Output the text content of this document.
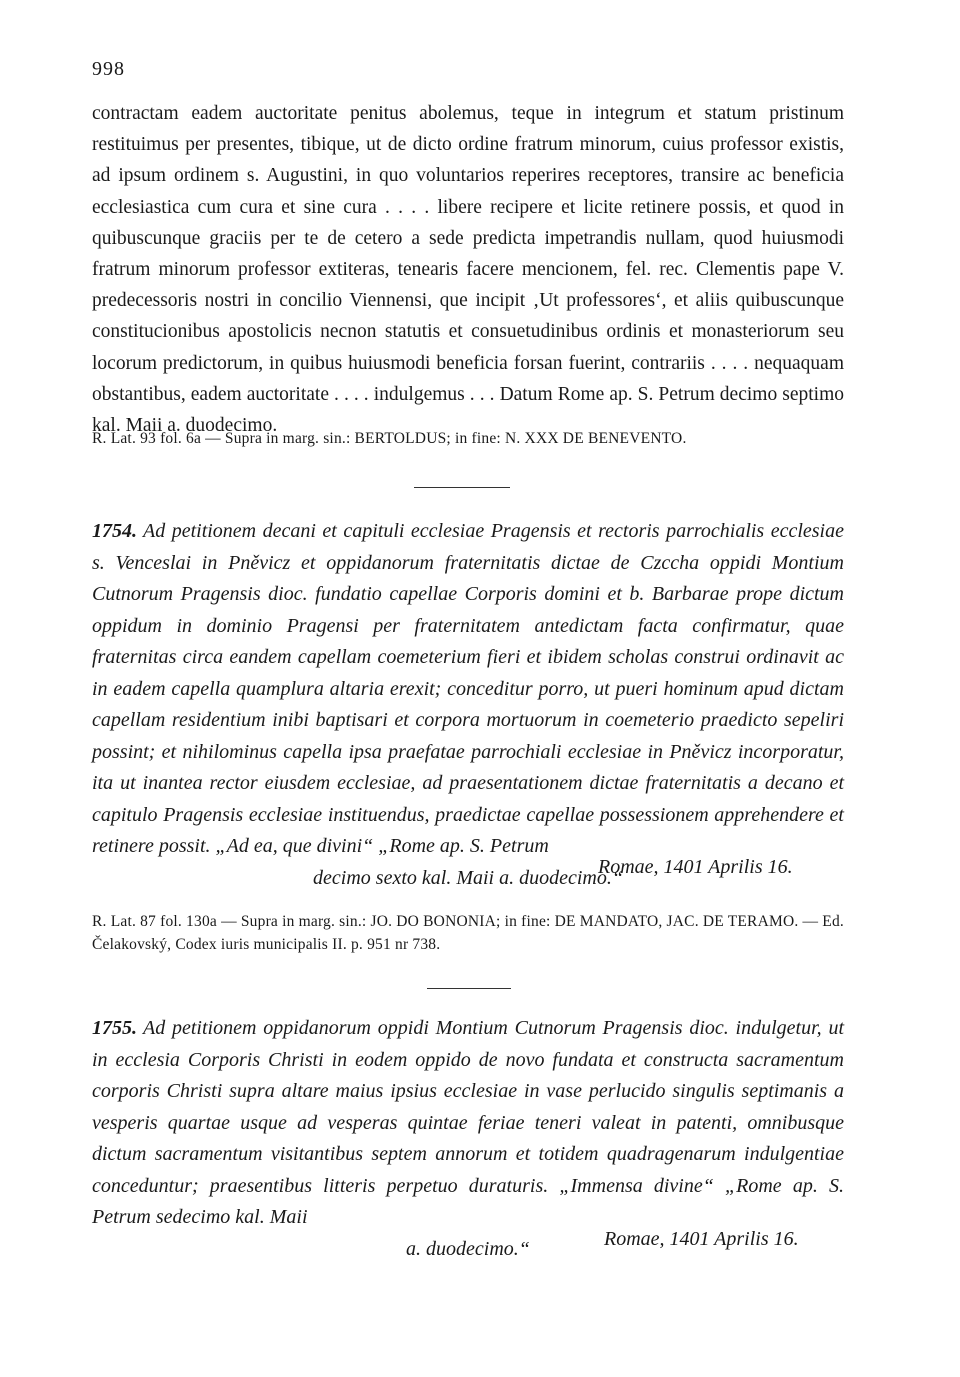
998

contractam eadem auctoritate penitus abolemus, teque in integrum et statum pristinum restituimus per presentes, tibique, ut de dicto ordine fratrum minorum, cuius professor existis, ad ipsum ordinem s. Augustini, in quo voluntarios reperires receptores, transire ac beneficia ecclesiastica cum cura et sine cura . . . . libere recipere et licite retinere possis, et quod in quibuscunque graciis per te de cetero a sede predicta impetrandis nullam, quod huiusmodi fratrum minorum professor extiteras, tenearis facere mencionem, fel. rec. Clementis pape V. predecessoris nostri in concilio Viennensi, que incipit ‚Ut professores‘, et aliis quibuscunque constitucionibus apostolicis necnon statutis et consuetudinibus ordinis et monasteriorum seu locorum predictorum, in quibus huiusmodi beneficia forsan fuerint, contrariis . . . . nequaquam obstantibus, eadem auctoritate . . . . indulgemus . . . Datum Rome ap. S. Petrum decimo septimo kal. Maii a. duodecimo.

R. Lat. 93 fol. 6a — Supra in marg. sin.: BERTOLDUS; in fine: N. XXX DE BENEVENTO.

1754. Ad petitionem decani et capituli ecclesiae Pragensis et rectoris parrochialis ecclesiae s. Venceslai in Pněvicz et oppidanorum fraternitatis dictae de Czccha oppidi Montium Cutnorum Pragensis dioc. fundatio capellae Corporis domini et b. Barbarae prope dictum oppidum in dominio Pragensi per fraternitatem antedictam facta confirmatur, quae fraternitas circa eandem capellam coemeterium fieri et ibidem scholas construi ordinavit ac in eadem capella quamplura altaria erexit; conceditur porro, ut pueri hominum apud dictam capellam residentium inibi baptisari et corpora mortuorum in coemeterio praedicto sepeliri possint; et nihilominus capella ipsa praefatae parrochiali ecclesiae in Pněvicz incorporatur, ita ut inantea rector eiusdem ecclesiae, ad praesentationem dictae fraternitatis a decano et capitulo Pragensis ecclesiae instituendus, praedictae capellae possessionem apprehendere et retinere possit. „Ad ea, que divini“ „Rome ap. S. Petrum
decimo sexto kal. Maii a. duodecimo.“

Romae, 1401 Aprilis 16.
R. Lat. 87 fol. 130a — Supra in marg. sin.: JO. DO BONONIA; in fine: DE MANDATO, JAC. DE TERAMO. — Ed. Čelakovský, Codex iuris municipalis II. p. 951 nr 738.

1755. Ad petitionem oppidanorum oppidi Montium Cutnorum Pragensis dioc. indulgetur, ut in ecclesia Corporis Christi in eodem oppido de novo fundata et constructa sacramentum corporis Christi supra altare maius ipsius ecclesiae in vase perlucido singulis septimanis a vesperis quartae usque ad vesperas quintae feriae teneri valeat in patenti, omnibusque dictum sacramentum visitantibus septem annorum et totidem quadragenarum indulgentiae conceduntur; praesentibus litteris perpetuo duraturis. „Immensa divine“ „Rome ap. S. Petrum sedecimo kal. Maii
a. duodecimo.“	Romae, 1401 Aprilis 16.
